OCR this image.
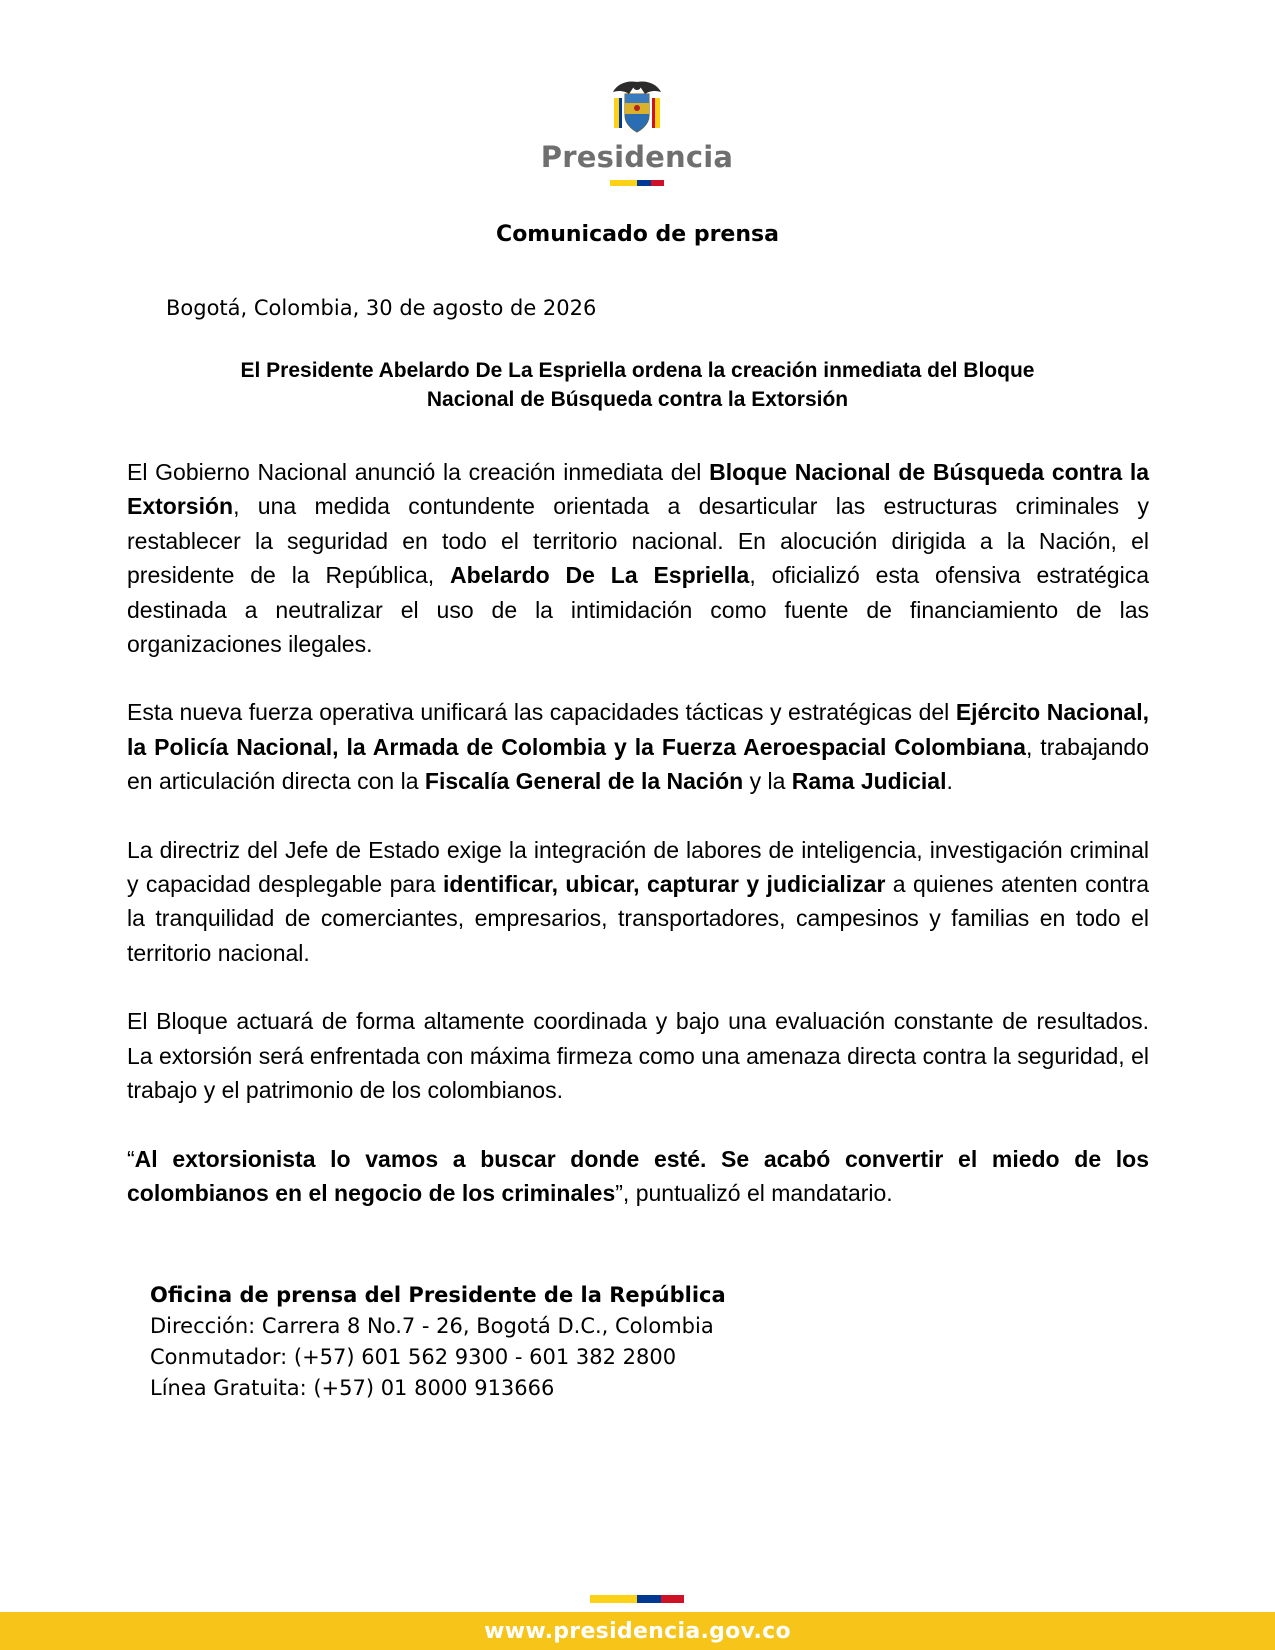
Presidencia
Comunicado de prensa
Bogotá, Colombia, 30 de agosto de 2026
El Presidente Abelardo De La Espriella ordena la creación inmediata del Bloque
Nacional de Búsqueda contra la Extorsión

El Gobierno Nacional anunció la creación inmediata del Bloque Nacional de Búsqueda contra la Extorsión, una medida contundente orientada a desarticular las estructuras criminales y restablecer la seguridad en todo el territorio nacional. En alocución dirigida a la Nación, el presidente de la República, Abelardo De La Espriella, oficializó esta ofensiva estratégica destinada a neutralizar el uso de la intimidación como fuente de financiamiento de las organizaciones ilegales.

Esta nueva fuerza operativa unificará las capacidades tácticas y estratégicas del Ejército Nacional, la Policía Nacional, la Armada de Colombia y la Fuerza Aeroespacial Colombiana, trabajando en articulación directa con la Fiscalía General de la Nación y la Rama Judicial.

La directriz del Jefe de Estado exige la integración de labores de inteligencia, investigación criminal y capacidad desplegable para identificar, ubicar, capturar y judicializar a quienes atenten contra la tranquilidad de comerciantes, empresarios, transportadores, campesinos y familias en todo el territorio nacional.

El Bloque actuará de forma altamente coordinada y bajo una evaluación constante de resultados. La extorsión será enfrentada con máxima firmeza como una amenaza directa contra la seguridad, el trabajo y el patrimonio de los colombianos.

“Al extorsionista lo vamos a buscar donde esté. Se acabó convertir el miedo de los colombianos en el negocio de los criminales”, puntualizó el mandatario.

Oficina de prensa del Presidente de la República
Dirección: Carrera 8 No.7 - 26, Bogotá D.C., Colombia
Conmutador: (+57) 601 562 9300 - 601 382 2800
Línea Gratuita: (+57) 01 8000 913666
www.presidencia.gov.co
